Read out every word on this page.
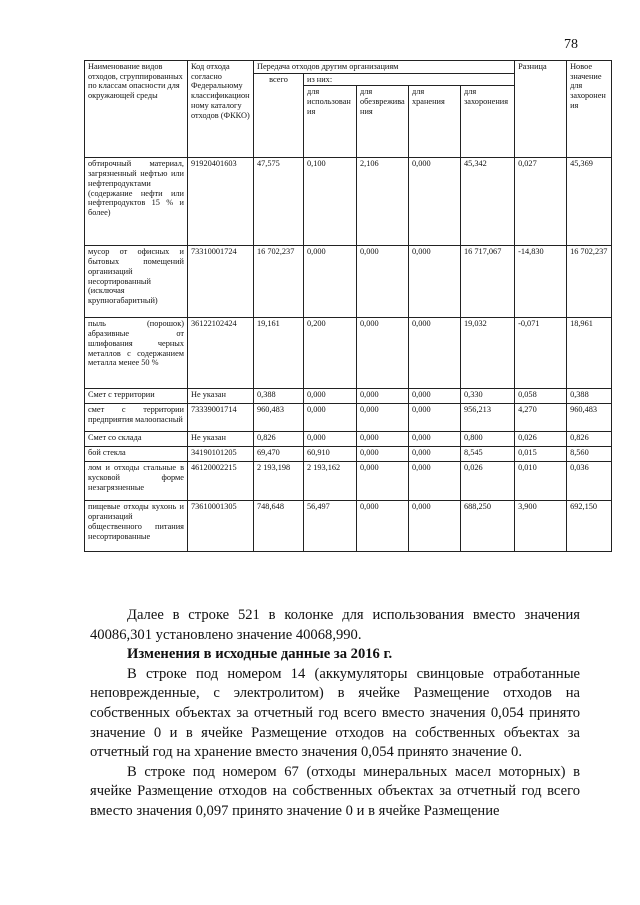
78
Наименование видов отходов, сгруппированных по классам опасности для окружающей среды	Код отхода согласно Федеральному классификационному каталогу отходов (ФККО)	Передача отходов другим организациям					Разница	Новое значение для захоронения
		всего	из них:					
			для использования	для обезвреживания	для хранения	для захоронения		
обтирочный материал, загрязненный нефтью или нефтепродуктами (содержание нефти или нефтепродуктов 15 % и более)	91920401603	47,575	0,100	2,106	0,000	45,342	0,027	45,369
мусор от офисных и бытовых помещений организаций несортированный (исключая крупногабаритный)	73310001724	16 702,237	0,000	0,000	0,000	16 717,067	-14,830	16 702,237
пыль (порошок) абразивные от шлифования черных металлов с содержанием металла менее 50 %	36122102424	19,161	0,200	0,000	0,000	19,032	-0,071	18,961
Смет с территории	Не указан	0,388	0,000	0,000	0,000	0,330	0,058	0,388
смет с территории предприятия малоопасный	73339001714	960,483	0,000	0,000	0,000	956,213	4,270	960,483
Смет со склада	Не указан	0,826	0,000	0,000	0,000	0,800	0,026	0,826
бой стекла	34190101205	69,470	60,910	0,000	0,000	8,545	0,015	8,560
лом и отходы стальные в кусковой форме незагрязненные	46120002215	2 193,198	2 193,162	0,000	0,000	0,026	0,010	0,036
пищевые отходы кухонь и организаций общественного питания несортированные	73610001305	748,648	56,497	0,000	0,000	688,250	3,900	692,150

Далее в строке 521 в колонке для использования вместо значения 40086,301 установлено значение 40068,990.

Изменения в исходные данные за 2016 г.

В строке под номером 14 (аккумуляторы свинцовые отработанные неповрежденные, с электролитом) в ячейке Размещение отходов на собственных объектах за отчетный год всего вместо значения 0,054 принято значение 0 и в ячейке Размещение отходов на собственных объектах за отчетный год на хранение вместо значения 0,054 принято значение 0.

В строке под номером 67 (отходы минеральных масел моторных) в ячейке Размещение отходов на собственных объектах за отчетный год всего вместо значения 0,097 принято значение 0 и в ячейке Размещение
